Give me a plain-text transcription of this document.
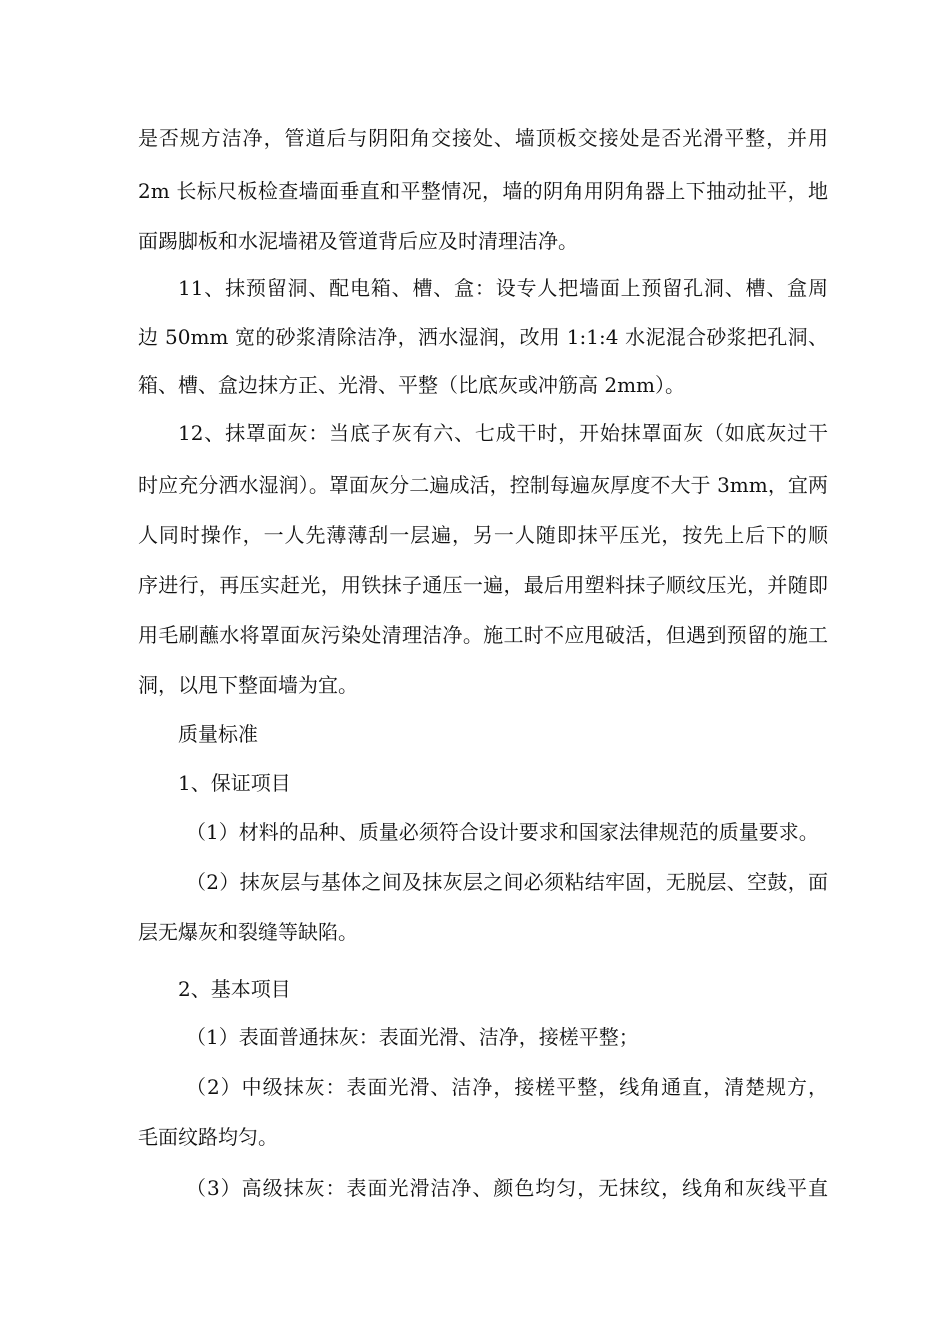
是否规方洁净，管道后与阴阳角交接处、墙顶板交接处是否光滑平整，并用
2m 长标尺板检查墙面垂直和平整情况，墙的阴角用阴角器上下抽动扯平，地
面踢脚板和水泥墙裙及管道背后应及时清理洁净。
11、抹预留洞、配电箱、槽、盒：设专人把墙面上预留孔洞、槽、盒周
边 50mm 宽的砂浆清除洁净，洒水湿润，改用 1:1:4 水泥混合砂浆把孔洞、
箱、槽、盒边抹方正、光滑、平整（比底灰或冲筋高 2mm）。
12、抹罩面灰：当底子灰有六、七成干时，开始抹罩面灰（如底灰过干
时应充分洒水湿润）。罩面灰分二遍成活，控制每遍灰厚度不大于 3mm，宜两
人同时操作，一人先薄薄刮一层遍，另一人随即抹平压光，按先上后下的顺
序进行，再压实赶光，用铁抹子通压一遍，最后用塑料抹子顺纹压光，并随即
用毛刷蘸水将罩面灰污染处清理洁净。施工时不应甩破活，但遇到预留的施工
洞，以甩下整面墙为宜。
质量标准
1、保证项目
（1）材料的品种、质量必须符合设计要求和国家法律规范的质量要求。
（2）抹灰层与基体之间及抹灰层之间必须粘结牢固，无脱层、空鼓，面
层无爆灰和裂缝等缺陷。
2、基本项目
（1）表面普通抹灰：表面光滑、洁净，接槎平整；
（2）中级抹灰：表面光滑、洁净，接槎平整，线角通直，清楚规方，
毛面纹路均匀。
（3）高级抹灰：表面光滑洁净、颜色均匀，无抹纹，线角和灰线平直
